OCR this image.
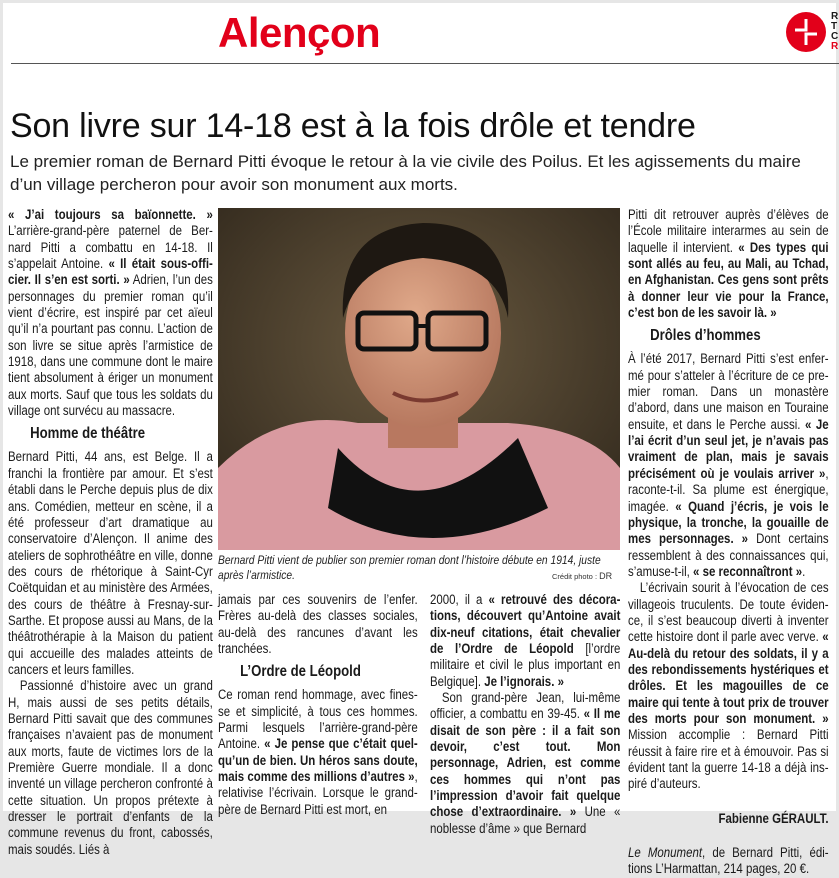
Alençon	R
T
C
R
Son livre sur 14-18 est à la fois drôle et tendre
Le premier roman de Bernard Pitti évoque le retour à la vie civile des Poilus. Et les agissements du maire d’un village percheron pour avoir son monument aux morts.

« J’ai toujours sa baïonnette. » L’arrière-grand-père paternel de Bernard Pitti a combattu en 14-18. Il s’appelait Antoine. « Il était sous-officier. Il s’en est sorti. » Adrien, l’un des personnages du premier roman qu’il vient d’écrire, est inspiré par cet aïeul qu’il n’a pourtant pas connu. L’action de son livre se situe après l’armistice de 1918, dans une commune dont le maire tient absolument à ériger un monument aux morts. Sauf que tous les soldats du village ont survécu au massacre.

Homme de théâtre

Bernard Pitti, 44 ans, est Belge. Il a franchi la frontière par amour. Et s’est établi dans le Perche depuis plus de dix ans. Comédien, metteur en scène, il a été professeur d’art dramatique au conservatoire d’Alençon. Il anime des ateliers de sophrothéâtre en ville, donne des cours de rhétorique à Saint-Cyr Coëtquidan et au ministère des Armées, des cours de théâtre à Fresnay-sur-Sarthe. Et propose aussi au Mans, de la théâtrothérapie à la Maison du patient qui accueille des malades atteints de cancers et leurs familles.

Passionné d’histoire avec un grand H, mais aussi de ses petits détails, Bernard Pitti savait que des communes françaises n’avaient pas de monument aux morts, faute de victimes lors de la Première Guerre mondiale. Il a donc inventé un village percheron confronté à cette situation. Un propos prétexte à dresser le portrait d’enfants de la commune revenus du front, cabossés, mais soudés. Liés à

jamais par ces souvenirs de l’enfer. Frères au-delà des classes sociales, au-delà des rancunes d’avant les tranchées.

L’Ordre de Léopold

Ce roman rend hommage, avec finesse et simplicité, à tous ces hommes. Parmi lesquels l’arrière-grand-père Antoine. « Je pense que c’était quelqu’un de bien. Un héros sans doute, mais comme des millions d’autres », relativise l’écrivain. Lorsque le grand-père de Bernard Pitti est mort, en

2000, il a « retrouvé des décorations, découvert qu’Antoine avait dix-neuf citations, était chevalier de l’Ordre de Léopold [l’ordre militaire et civil le plus important en Belgique]. Je l’ignorais. »

Son grand-père Jean, lui-même officier, a combattu en 39-45. « Il me disait de son père : il a fait son devoir, c’est tout. Mon personnage, Adrien, est comme ces hommes qui n’ont pas l’impression d’avoir fait quelque chose d’extraordinaire. » Une « noblesse d’âme » que Bernard

Pitti dit retrouver auprès d’élèves de l’École militaire interarmes au sein de laquelle il intervient. « Des types qui sont allés au feu, au Mali, au Tchad, en Afghanistan. Ces gens sont prêts à donner leur vie pour la France, c’est bon de les savoir là. »

Drôles d’hommes

À l’été 2017, Bernard Pitti s’est enfermé pour s’atteler à l’écriture de ce premier roman. Dans un monastère d’abord, dans une maison en Touraine ensuite, et dans le Perche aussi. « Je l’ai écrit d’un seul jet, je n’avais pas vraiment de plan, mais je savais précisément où je voulais arriver », raconte-t-il. Sa plume est énergique, imagée. « Quand j’écris, je vois le physique, la tronche, la gouaille de mes personnages. » Dont certains ressemblent à des connaissances qui, s’amuse-t-il, « se reconnaîtront ».

L’écrivain sourit à l’évocation de ces villageois truculents. De toute évidence, il s’est beaucoup diverti à inventer cette histoire dont il parle avec verve. « Au-delà du retour des soldats, il y a des rebondissements hystériques et drôles. Et les magouilles de ce maire qui tente à tout prix de trouver des morts pour son monument. » Mission accomplie : Bernard Pitti réussit à faire rire et à émouvoir. Pas si évident tant la guerre 14-18 a déjà inspiré d’auteurs.

Fabienne GÉRAULT.

Le Monument, de Bernard Pitti, éditions L’Harmattan, 214 pages, 20 €.

Bernard Pitti vient de publier son premier roman dont l’histoire débute en 1914, juste après l’armistice.	Crédit photo : DR
